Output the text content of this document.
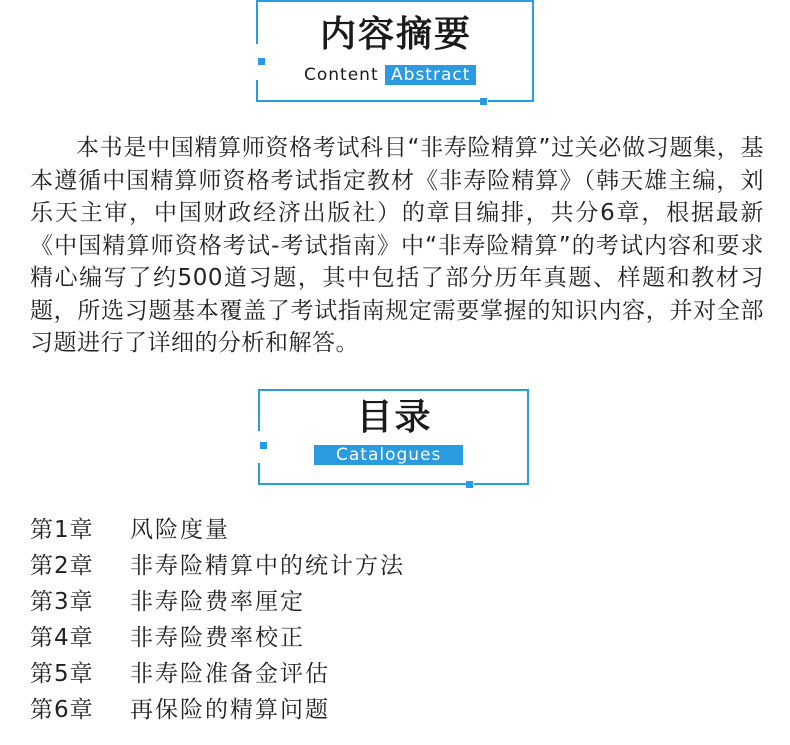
内容摘要
Content Abstract

本书是中国精算师资格考试科目“非寿险精算”过关必做习题集，基本遵循中国精算师资格考试指定教材《非寿险精算》（韩天雄主编，刘乐天主审，中国财政经济出版社）的章目编排，共分6章，根据最新《中国精算师资格考试-考试指南》中“非寿险精算”的考试内容和要求精心编写了约500道习题，其中包括了部分历年真题、样题和教材习题，所选习题基本覆盖了考试指南规定需要掌握的知识内容，并对全部习题进行了详细的分析和解答。

目录
Catalogues
第1章 风险度量
第2章 非寿险精算中的统计方法
第3章 非寿险费率厘定
第4章 非寿险费率校正
第5章 非寿险准备金评估
第6章 再保险的精算问题
